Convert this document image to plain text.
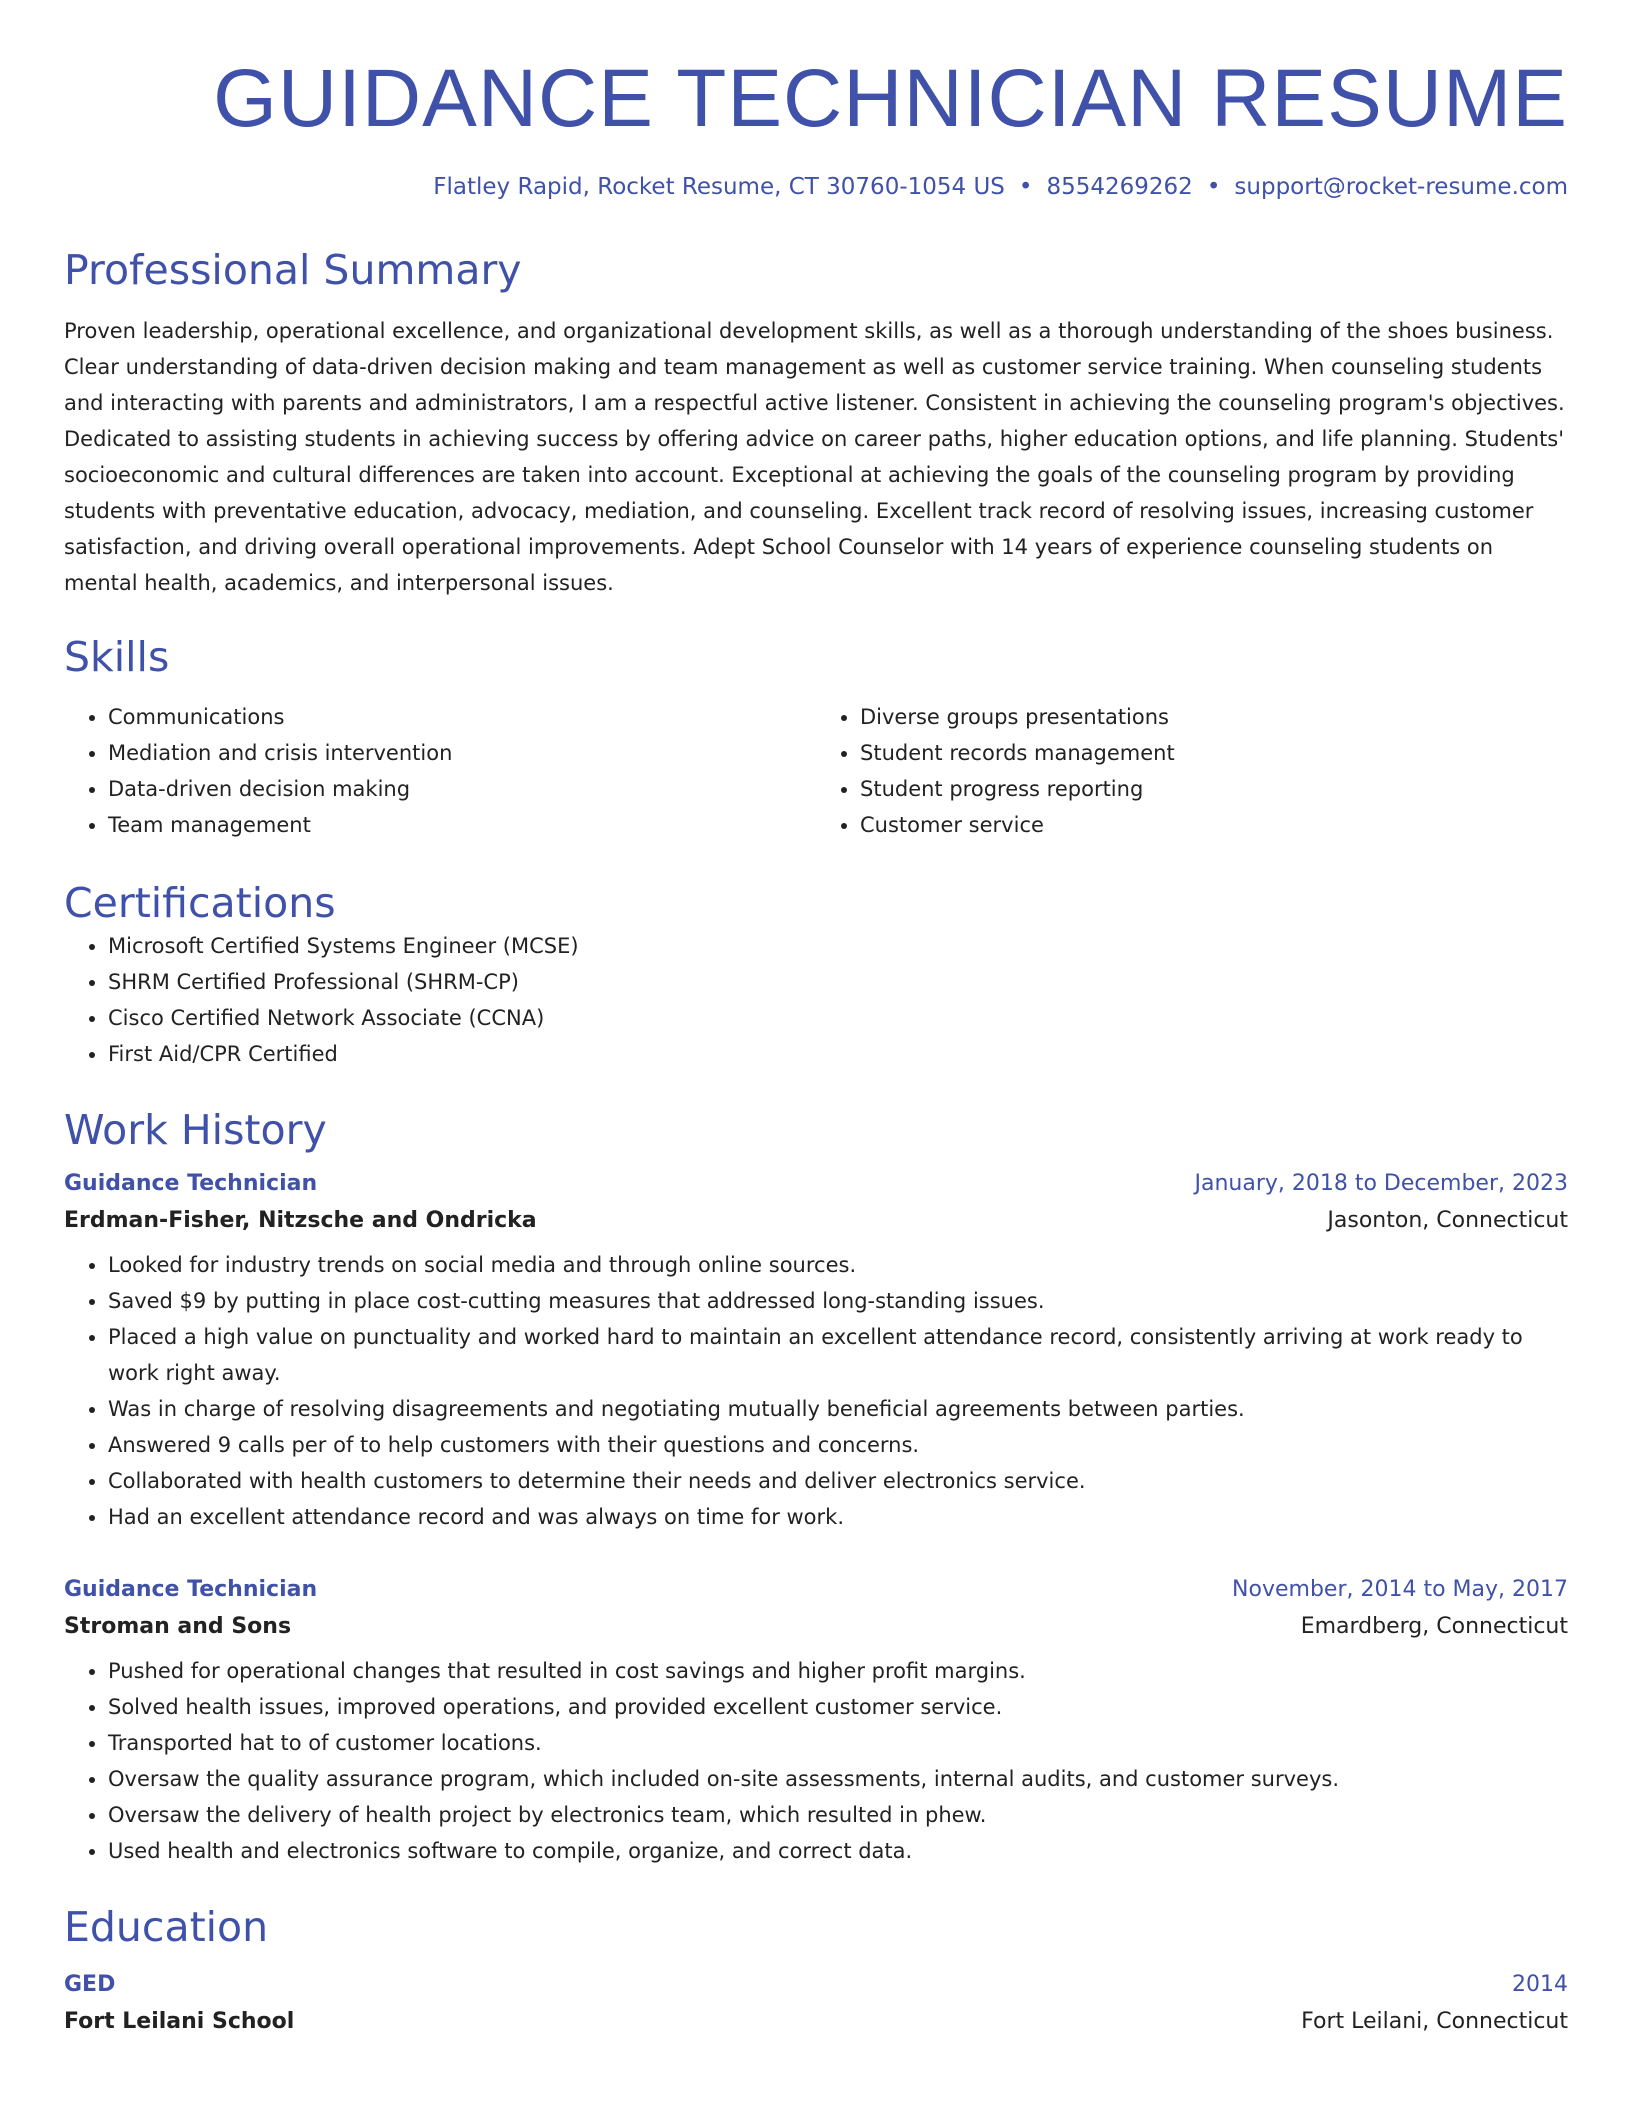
GUIDANCE TECHNICIAN RESUME
Flatley Rapid, Rocket Resume, CT 30760-1054 US • 8554269262 • support@rocket-resume.com
Professional Summary

Proven leadership, operational excellence, and organizational development skills, as well as a thorough understanding of the shoes business. Clear understanding of data-driven decision making and team management as well as customer service training. When counseling students and interacting with parents and administrators, I am a respectful active listener. Consistent in achieving the counseling program's objectives. Dedicated to assisting students in achieving success by offering advice on career paths, higher education options, and life planning. Students' socioeconomic and cultural differences are taken into account. Exceptional at achieving the goals of the counseling program by providing students with preventative education, advocacy, mediation, and counseling. Excellent track record of resolving issues, increasing customer satisfaction, and driving overall operational improvements. Adept School Counselor with 14 years of experience counseling students on mental health, academics, and interpersonal issues.

Skills
• Communications
• Mediation and crisis intervention
• Data-driven decision making
• Team management
• Diverse groups presentations
• Student records management
• Student progress reporting
• Customer service
Certifications
• Microsoft Certified Systems Engineer (MCSE)
• SHRM Certified Professional (SHRM-CP)
• Cisco Certified Network Associate (CCNA)
• First Aid/CPR Certified
Work History
Guidance Technician	January, 2018 to December, 2023
Erdman-Fisher, Nitzsche and Ondricka	Jasonton, Connecticut
• Looked for industry trends on social media and through online sources.
• Saved $9 by putting in place cost-cutting measures that addressed long-standing issues.
• Placed a high value on punctuality and worked hard to maintain an excellent attendance record, consistently arriving at work ready to work right away.
• Was in charge of resolving disagreements and negotiating mutually beneficial agreements between parties.
• Answered 9 calls per of to help customers with their questions and concerns.
• Collaborated with health customers to determine their needs and deliver electronics service.
• Had an excellent attendance record and was always on time for work.
Guidance Technician	November, 2014 to May, 2017
Stroman and Sons	Emardberg, Connecticut
• Pushed for operational changes that resulted in cost savings and higher profit margins.
• Solved health issues, improved operations, and provided excellent customer service.
• Transported hat to of customer locations.
• Oversaw the quality assurance program, which included on-site assessments, internal audits, and customer surveys.
• Oversaw the delivery of health project by electronics team, which resulted in phew.
• Used health and electronics software to compile, organize, and correct data.
Education
GED	2014
Fort Leilani School	Fort Leilani, Connecticut
